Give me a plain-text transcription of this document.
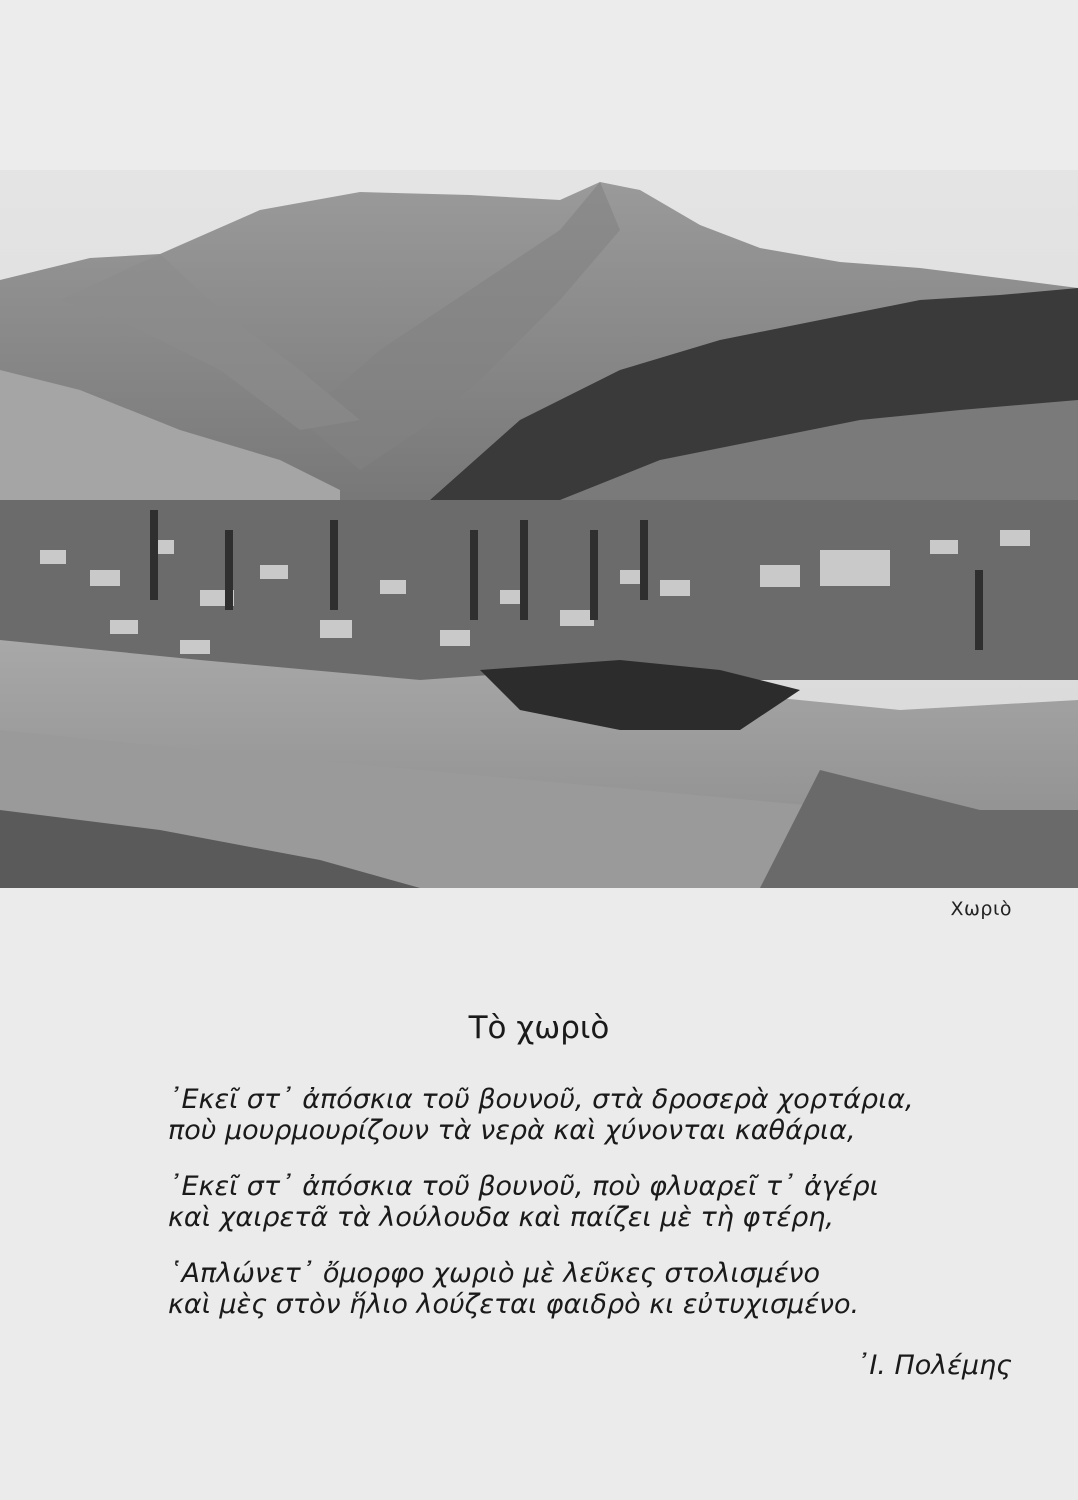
Χωριὸ
Τὸ χωριὸ
᾿Εκεῖ στ᾿ ἀπόσκια τοῦ βουνοῦ, στὰ δροσερὰ χορτάρια,
ποὺ μουρμουρίζουν τὰ νερὰ καὶ χύνονται καθάρια,
᾿Εκεῖ στ᾿ ἀπόσκια τοῦ βουνοῦ, ποὺ φλυαρεῖ τ᾿ ἀγέρι
καὶ χαιρετᾶ τὰ λούλουδα καὶ παίζει μὲ τὴ φτέρη,
῾Απλώνετ᾿ ὄμορφο χωριὸ μὲ λεῦκες στολισμένο
καὶ μὲς στὸν ἥλιο λούζεται φαιδρὸ κι εὐτυχισμένο.
᾿Ι. Πολέμης
